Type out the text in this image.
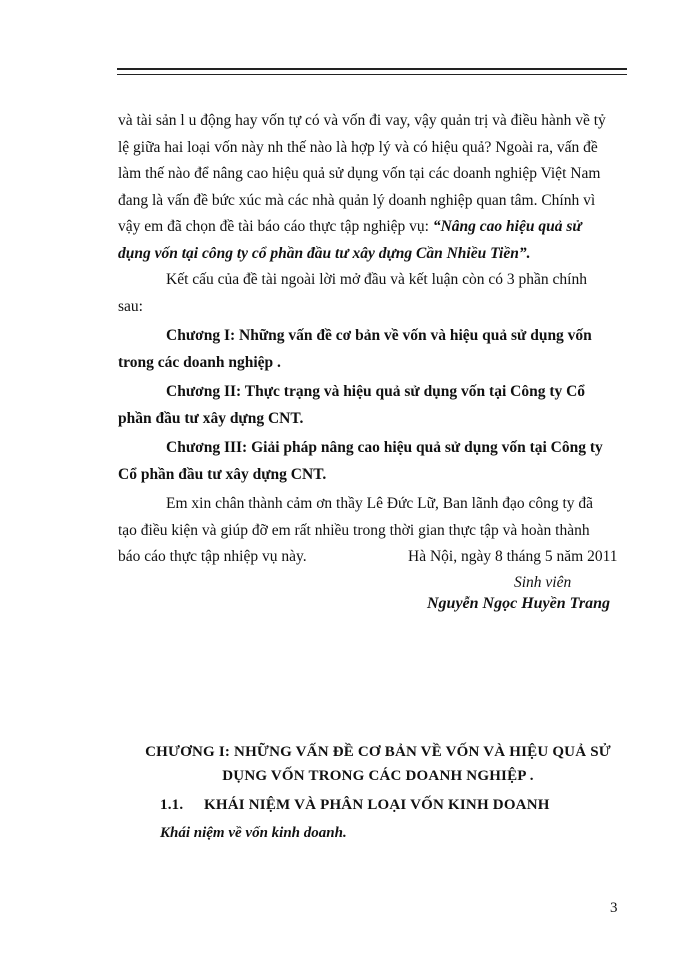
và tài sản l u động hay vốn tự có và vốn đi vay, vậy quản trị và điều hành về tỷ

lệ giữa hai loại vốn này nh thế nào là hợp lý và có hiệu quả? Ngoài ra, vấn đề

làm thế nào để nâng cao hiệu quả sử dụng vốn tại các doanh nghiệp Việt Nam

đang là vấn đề bức xúc mà các nhà quản lý doanh nghiệp quan tâm. Chính vì

vậy em đã chọn đề tài báo cáo thực tập nghiệp vụ: “Nâng cao hiệu quả sử

dụng vốn tại công ty cổ phần đầu tư xây dựng Cần Nhiều Tiền”.

Kết cấu của đề tài ngoài lời mở đầu và kết luận còn có 3 phần chính

sau:

Chương I: Những vấn đề cơ bản về vốn và hiệu quả sử dụng vốn

trong các doanh nghiệp .

Chương II: Thực trạng và hiệu quả sử dụng vốn tại Công ty Cổ

phần đầu tư xây dựng CNT.

Chương III: Giải pháp nâng cao hiệu quả sử dụng vốn tại Công ty

Cổ phần đầu tư xây dựng CNT.

Em xin chân thành cảm ơn thầy Lê Đức Lữ, Ban lãnh đạo công ty đã

tạo điều kiện và giúp đỡ em rất nhiều trong thời gian thực tập và hoàn thành

báo cáo thực tập nhiệp vụ này.	Hà Nội, ngày 8 tháng 5 năm 2011
Sinh viên
Nguyễn Ngọc Huyền Trang
CHƯƠNG I: NHỮNG VẤN ĐỀ CƠ BẢN VỀ VỐN VÀ HIỆU QUẢ SỬ
DỤNG VỐN TRONG CÁC DOANH NGHIỆP .
1.1. KHÁI NIỆM VÀ PHÂN LOẠI VỐN KINH DOANH
Khái niệm về vốn kinh doanh.
3
